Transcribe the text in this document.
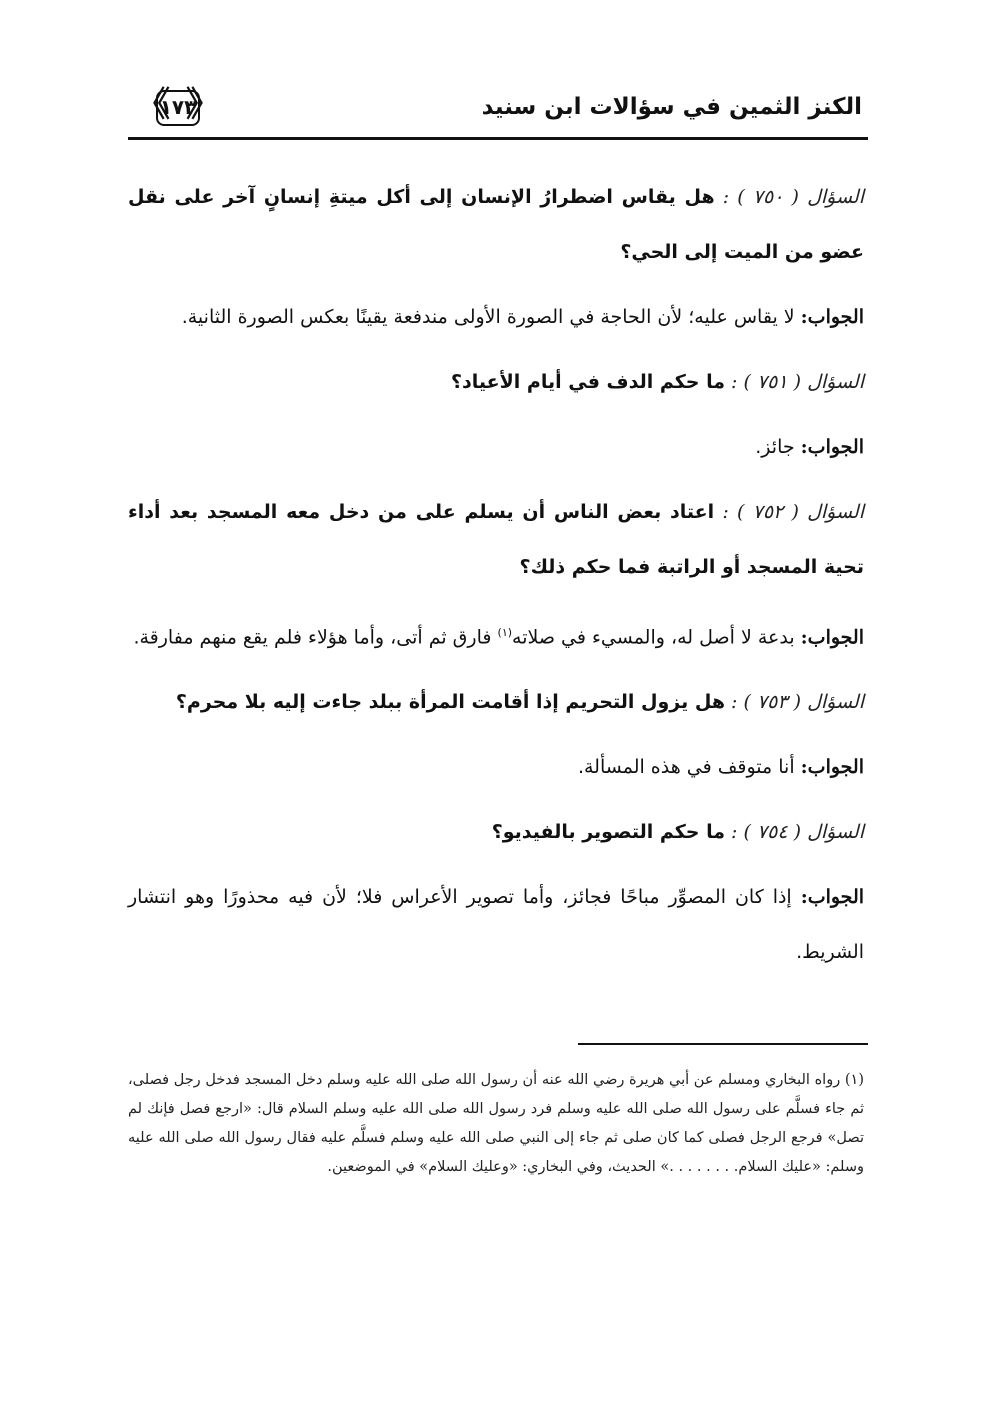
الكنز الثمين في سؤالات ابن سنيد
《
١٧٣
》

السؤال ( ٧٥٠ ) : هل يقاس اضطرارُ الإنسان إلى أكل ميتةِ إنسانٍ آخر على نقل عضو من الميت إلى الحي؟

الجواب: لا يقاس عليه؛ لأن الحاجة في الصورة الأولى مندفعة يقينًا بعكس الصورة الثانية.

السؤال ( ٧٥١ ) : ما حكم الدف في أيام الأعياد؟

الجواب: جائز.

السؤال ( ٧٥٢ ) : اعتاد بعض الناس أن يسلم على من دخل معه المسجد بعد أداء تحية المسجد أو الراتبة فما حكم ذلك؟

الجواب: بدعة لا أصل له، والمسيء في صلاته$^{(١)}$ فارق ثم أتى، وأما هؤلاء فلم يقع منهم مفارقة.

السؤال ( ٧٥٣ ) : هل يزول التحريم إذا أقامت المرأة ببلد جاءت إليه بلا محرم؟

الجواب: أنا متوقف في هذه المسألة.

السؤال ( ٧٥٤ ) : ما حكم التصوير بالفيديو؟

الجواب: إذا كان المصوِّر مباحًا فجائز، وأما تصوير الأعراس فلا؛ لأن فيه محذورًا وهو انتشار الشريط.

(١) رواه البخاري ومسلم عن أبي هريرة رضي الله عنه أن رسول الله صلى الله عليه وسلم دخل المسجد فدخل رجل فصلى، ثم جاء فسلَّم على رسول الله صلى الله عليه وسلم فرد رسول الله صلى الله عليه وسلم السلام قال: «ارجع فصل فإنك لم تصل» فرجع الرجل فصلى كما كان صلى ثم جاء إلى النبي صلى الله عليه وسلم فسلَّم عليه فقال رسول الله صلى الله عليه وسلم: «عليك السلام. . . . . . . .» الحديث، وفي البخاري: «وعليك السلام» في الموضعين.
